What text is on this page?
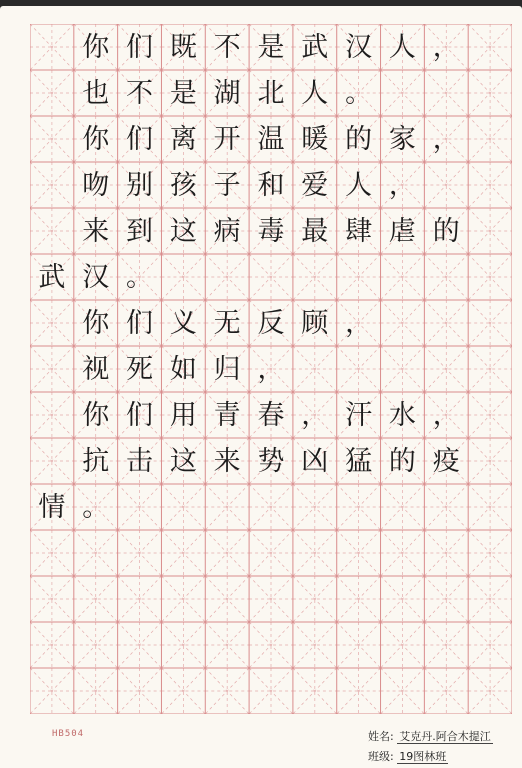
你 们 既 不 是 武 汉 人 ，
也 不 是 湖 北 人 。
你 们 离 开 温 暖 的 家 ，
吻 别 孩 子 和 爱 人 ，
来 到 这 病 毒 最 肆 虐 的
武 汉 。
你 们 义 无 反 顾 ，
视 死 如 归 ，
你 们 用 青 春 ， 汗 水 ，
抗 击 这 来 势 凶 猛 的 疫
情 。
HB504	姓名: 艾克丹.阿合木提江
班级: 19图林班
